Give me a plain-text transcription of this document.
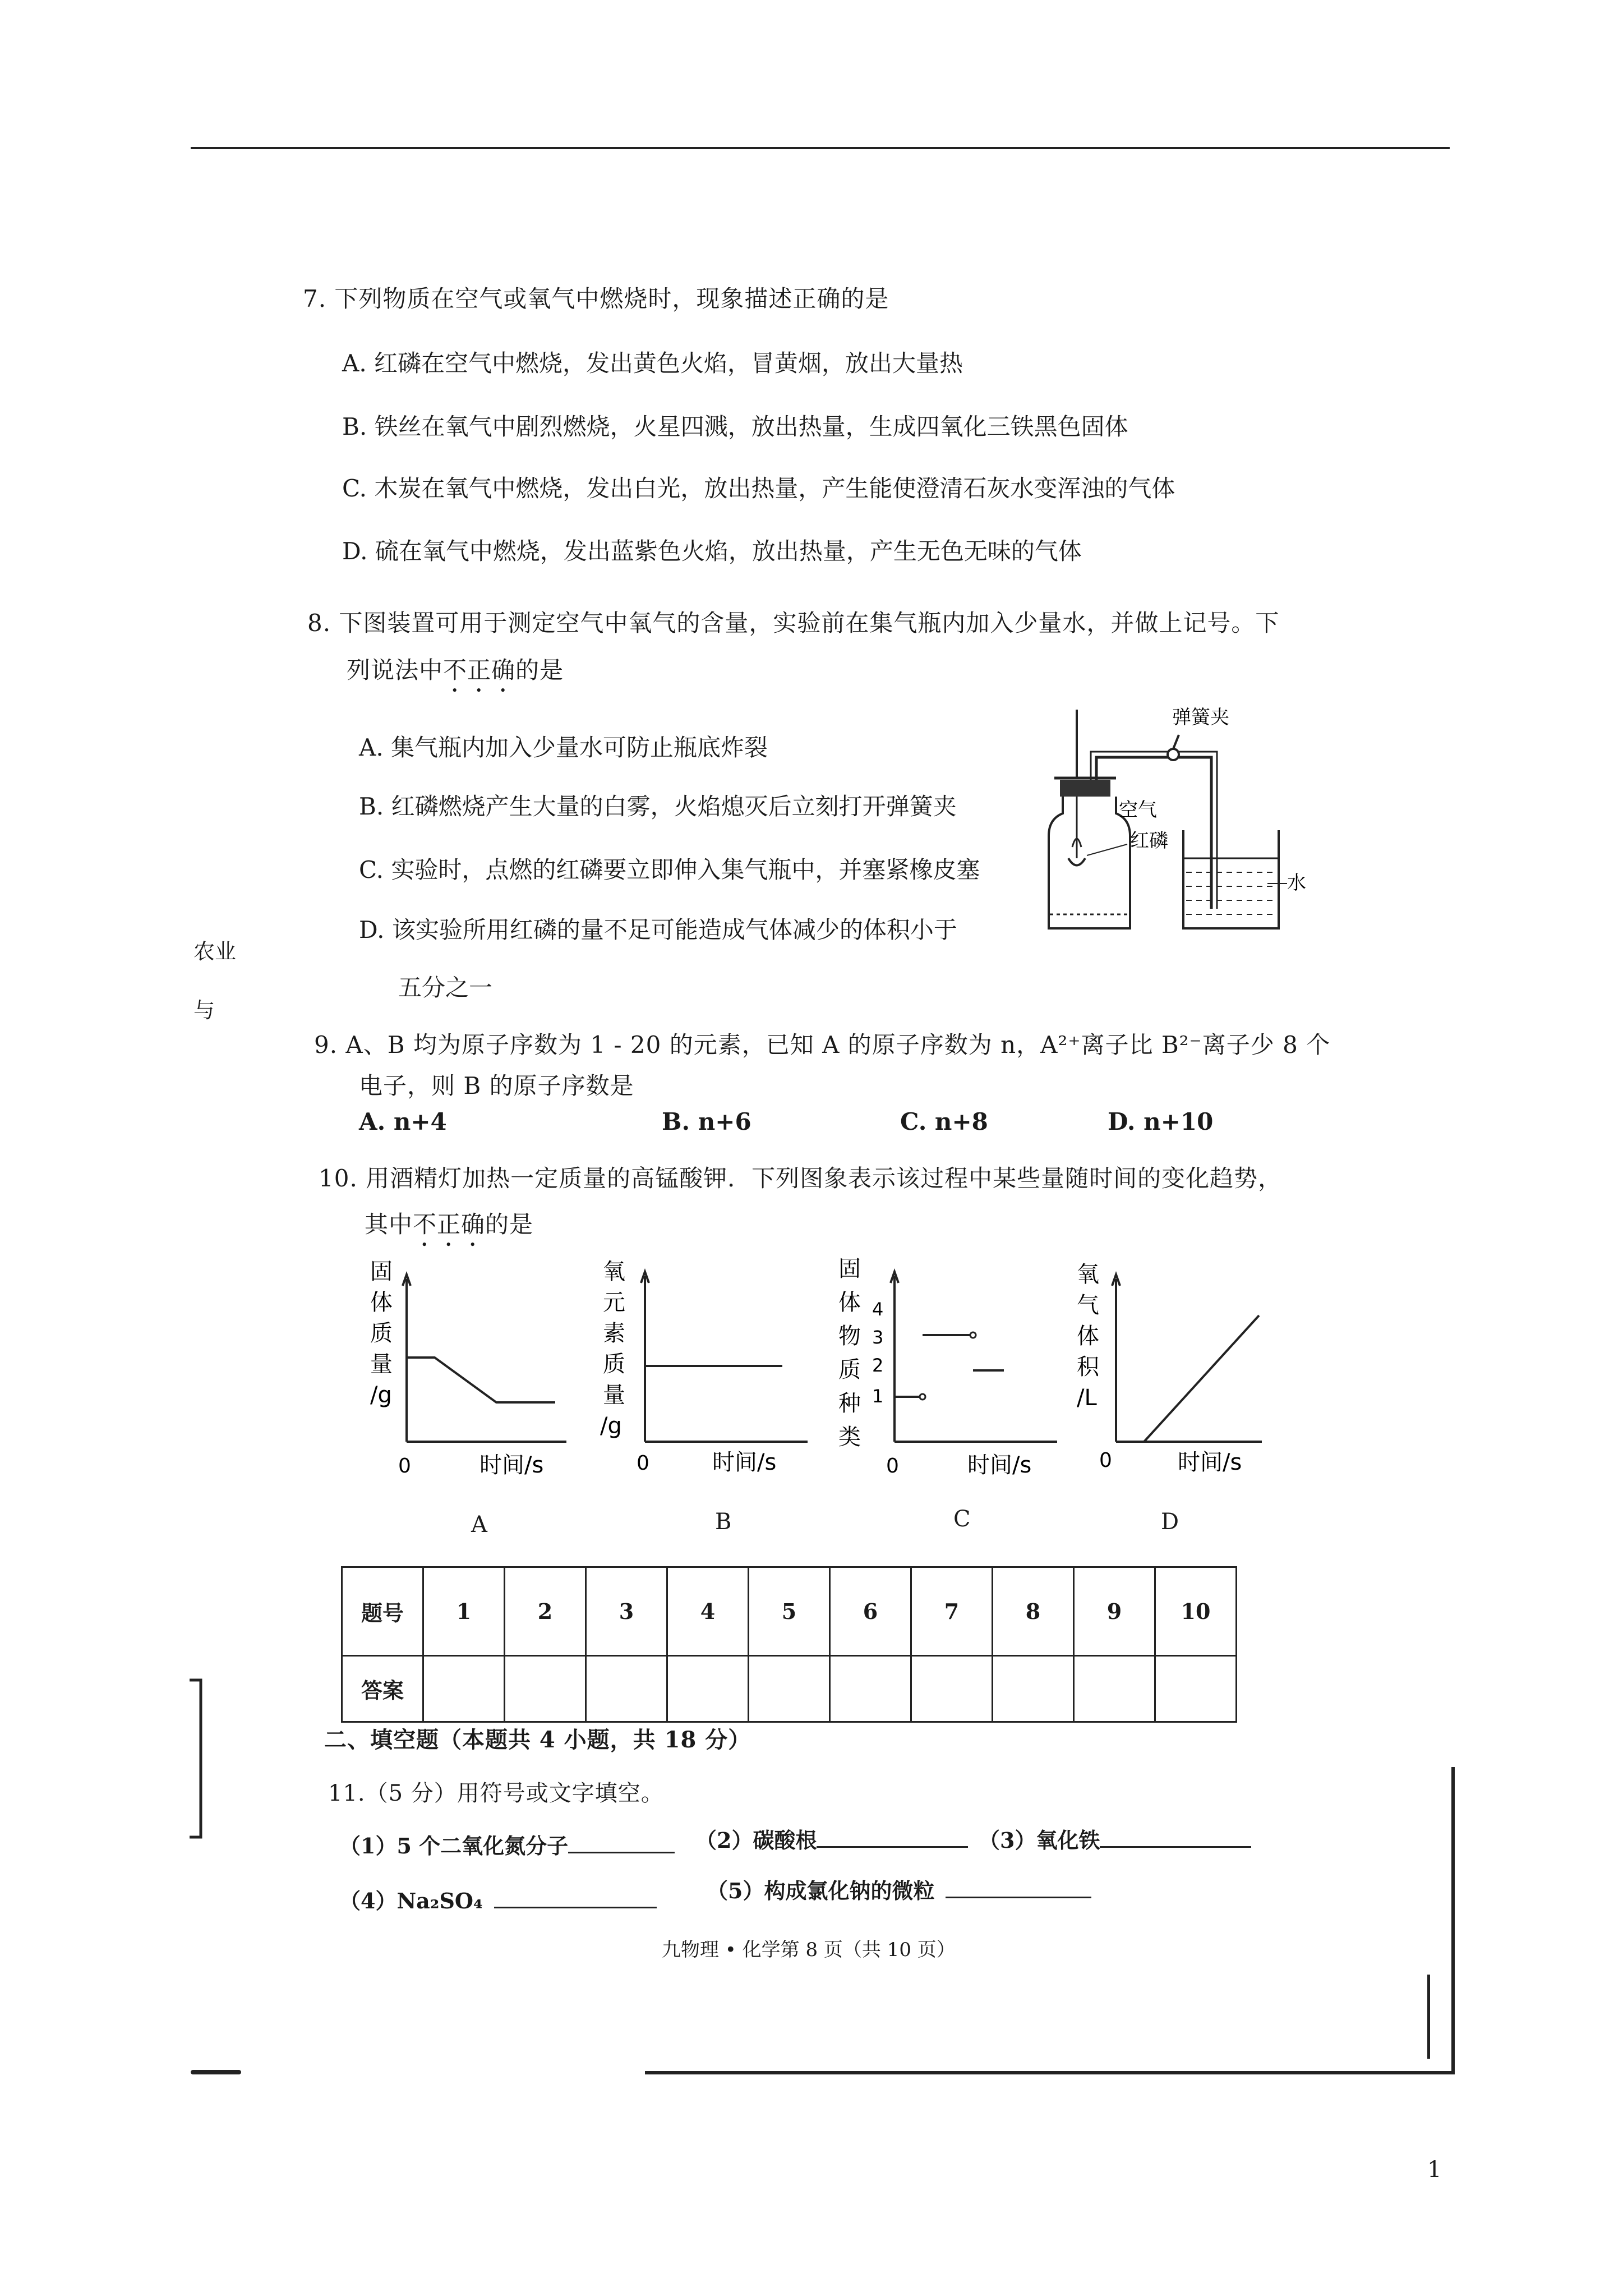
7. 下列物质在空气或氧气中燃烧时，现象描述正确的是
A. 红磷在空气中燃烧，发出黄色火焰，冒黄烟，放出大量热
B. 铁丝在氧气中剧烈燃烧，火星四溅，放出热量，生成四氧化三铁黑色固体
C. 木炭在氧气中燃烧，发出白光，放出热量，产生能使澄清石灰水变浑浊的气体
D. 硫在氧气中燃烧，发出蓝紫色火焰，放出热量，产生无色无味的气体
8. 下图装置可用于测定空气中氧气的含量，实验前在集气瓶内加入少量水，并做上记号。下
列说法中不正确的是
A. 集气瓶内加入少量水可防止瓶底炸裂
B. 红磷燃烧产生大量的白雾，火焰熄灭后立刻打开弹簧夹
C. 实验时，点燃的红磷要立即伸入集气瓶中，并塞紧橡皮塞
D. 该实验所用红磷的量不足可能造成气体减少的体积小于
五分之一
弹簧夹
空气
红磷
水
9. A、B 均为原子序数为 1 - 20 的元素，已知 A 的原子序数为 n，A²⁺离子比 B²⁻离子少 8 个
电子，则 B 的原子序数是
A. n+4	B. n+6	C. n+8	D. n+10
10. 用酒精灯加热一定质量的高锰酸钾．下列图象表示该过程中某些量随时间的变化趋势，
其中不正确的是
固
体
质
量
/g
0	时间/s
A
氧
元
素
质
量
/g
0	时间/s
B
固
体
物
质
种
类
4
3
2
1
0	时间/s
C
氧
气
体
积
/L
0	时间/s
D
题号	1	2	3	4	5	6	7	8	9	10
答案										
二、填空题（本题共 4 小题，共 18 分）
11.（5 分）用符号或文字填空。
（1）5 个二氧化氮分子	（2）碳酸根	（3）氧化铁
（4）Na₂SO₄	（5）构成氯化钠的微粒
九物理 • 化学第 8 页（共 10 页）
农业
与
1
